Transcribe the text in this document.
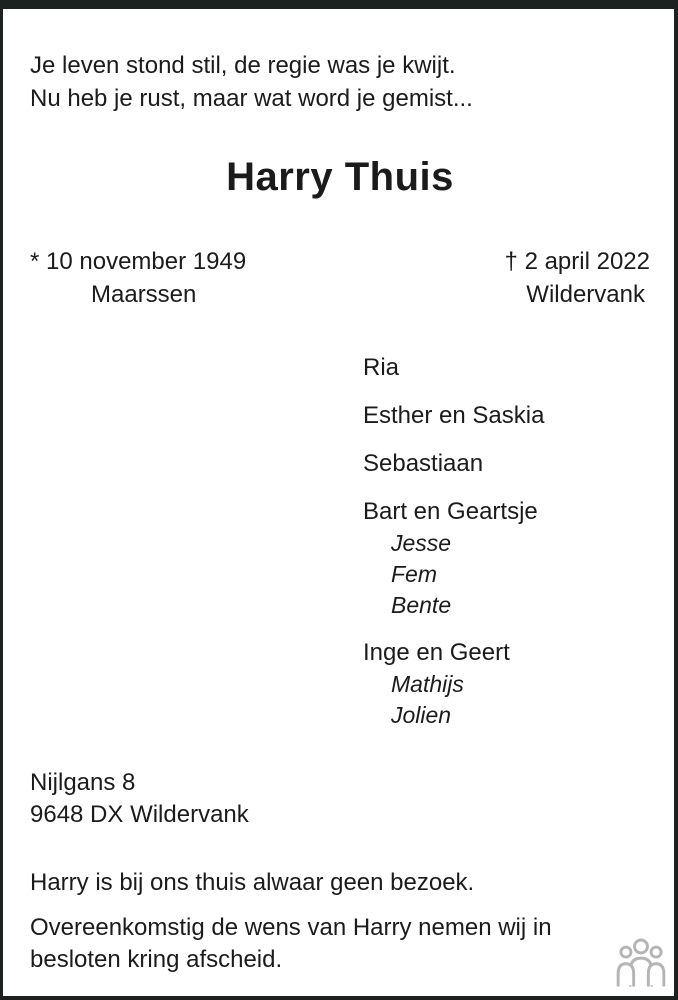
Je leven stond stil, de regie was je kwijt.
Nu heb je rust, maar wat word je gemist...
Harry Thuis
* 10 november 1949
Maarssen
† 2 april 2022
Wildervank
Ria
Esther en Saskia
Sebastiaan
Bart en Geartsje
Jesse
Fem
Bente
Inge en Geert
Mathijs
Jolien
Nijlgans 8
9648 DX Wildervank

Harry is bij ons thuis alwaar geen bezoek.

Overeenkomstig de wens van Harry nemen wij in besloten kring afscheid.
